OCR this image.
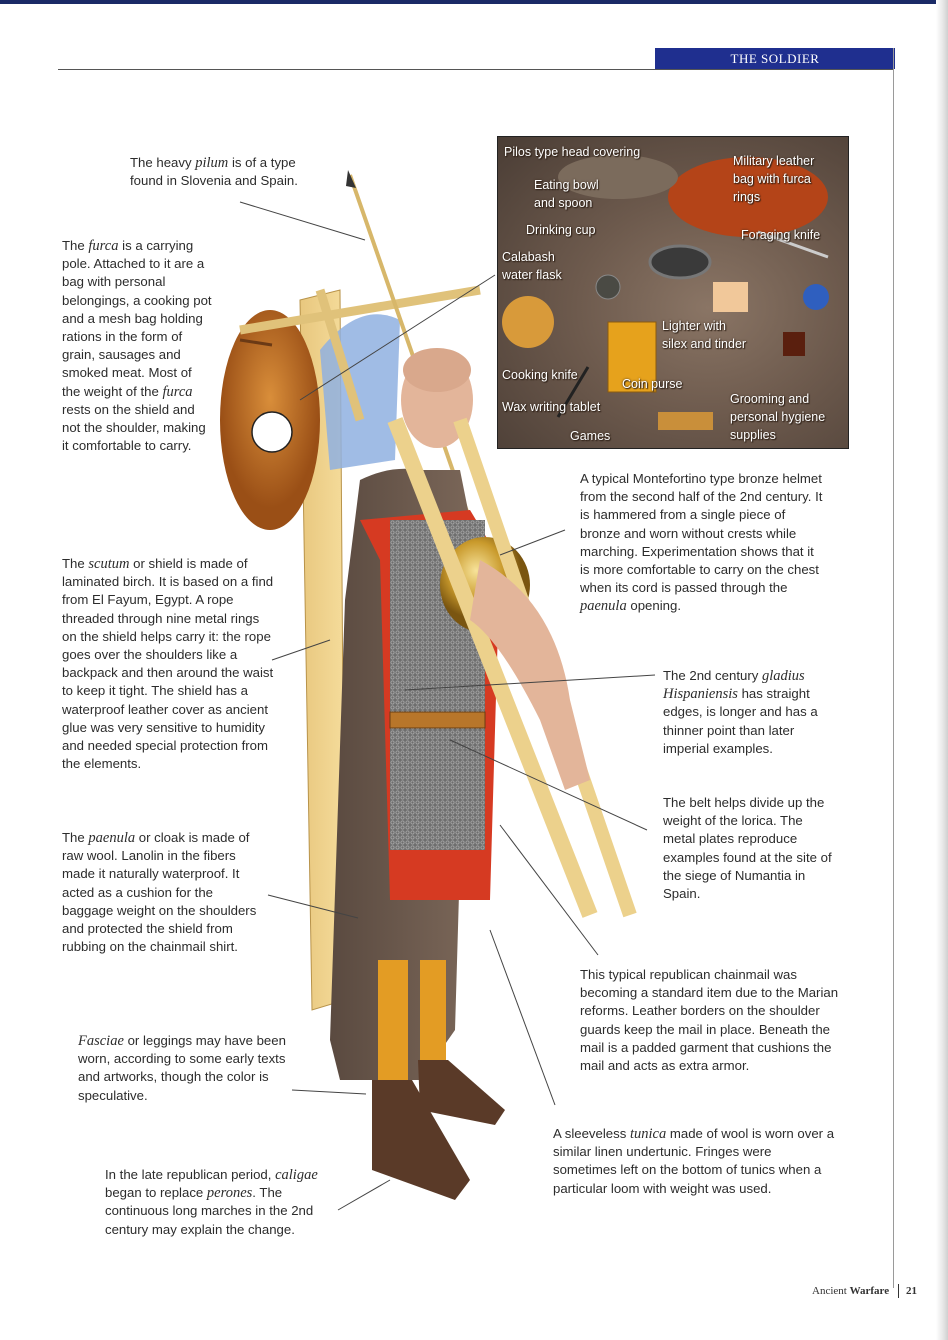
THE SOLDIER

The heavy pilum is of a type found in Slovenia and Spain.

The furca is a carrying pole. Attached to it are a bag with personal belongings, a cooking pot and a mesh bag holding rations in the form of grain, sausages and smoked meat. Most of the weight of the furca rests on the shield and not the shoulder, making it comfortable to carry.

The scutum or shield is made of laminated birch. It is based on a find from El Fayum, Egypt. A rope threaded through nine metal rings on the shield helps carry it: the rope goes over the shoulders like a backpack and then around the waist to keep it tight. The shield has a waterproof leather cover as ancient glue was very sensitive to humidity and needed special protection from the elements.

The paenula or cloak is made of raw wool. Lanolin in the fibers made it naturally waterproof. It acted as a cushion for the baggage weight on the shoulders and protected the shield from rubbing on the chainmail shirt.

Fasciae or leggings may have been worn, according to some early texts and artworks, though the color is speculative.

In the late republican period, caligae began to replace perones. The continuous long marches in the 2nd century may explain the change.

A typical Montefortino type bronze helmet from the second half of the 2nd century. It is hammered from a single piece of bronze and worn without crests while marching. Experimentation shows that it is more comfortable to carry on the chest when its cord is passed through the paenula opening.

The 2nd century gladius Hispaniensis has straight edges, is longer and has a thinner point than later imperial examples.

The belt helps divide up the weight of the lorica. The metal plates reproduce examples found at the site of the siege of Numantia in Spain.

This typical republican chainmail was becoming a standard item due to the Marian reforms. Leather borders on the shoulder guards keep the mail in place. Beneath the mail is a padded garment that cushions the mail and acts as extra armor.

A sleeveless tunica made of wool is worn over a similar linen undertunic. Fringes were sometimes left on the bottom of tunics when a particular loom with weight was used.

Pilos type head covering
Eating bowl
and spoon
Drinking cup
Calabash
water flask
Military leather
bag with furca
rings
Foraging knife
Lighter with
silex and tinder
Cooking knife
Coin purse
Wax writing tablet
Games
Grooming and
personal hygiene
supplies
Ancient Warfare 21
